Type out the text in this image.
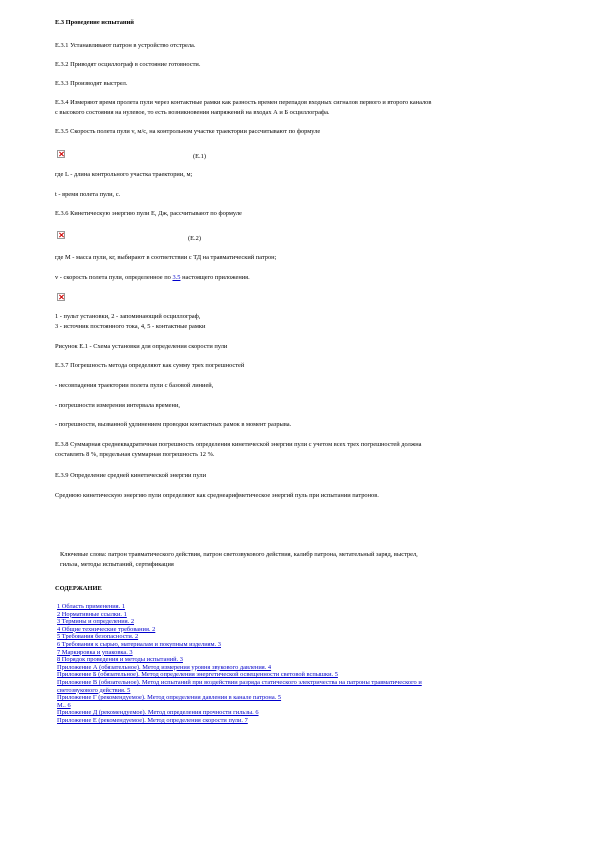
Е.3 Проведение испытаний
Е.3.1 Устанавливают патрон в устройство отстрела.
Е.3.2 Приводят осциллограф в состояние готовности.
Е.3.3 Производят выстрел.
Е.3.4 Измеряют время пролета пули через контактные рамки как разность времен перепадов входных сигналов первого и второго каналов
с высокого состояния на нулевое, то есть возникновения напряжений на входах А и Б осциллографа.
Е.3.5 Скорость полета пули v, м/с, на контрольном участке траектории рассчитывают по формуле
(Е.1)
где L - длина контрольного участка траектории, м;
t - время полета пули, с.
Е.3.6 Кинетическую энергию пули Е, Дж, рассчитывают по формуле
(Е.2)
где М - масса пули, кг, выбирают в соответствии с ТД на травматический патрон;
v - скорость полета пули, определенное по 3.5 настоящего приложения.
1 - пульт установки, 2 - запоминающий осциллограф,
3 - источник постоянного тока, 4, 5 - контактные рамки
Рисунок Е.1 - Схема установки для определения скорости пули
Е.3.7 Погрешность метода определяют как сумму трех погрешностей
- несовпадения траектории полета пули с базовой линией,
- погрешности измерения интервала времени,
- погрешности, вызванной удлинением проводки контактных рамок в момент разрыва.
Е.3.8 Суммарная среднеквадратичная погрешность определения кинетической энергии пули с учетом всех трех погрешностей должна
составлять 8 %, предельная суммарная погрешность 12 %.
Е.3.9 Определение средней кинетической энергии пули
Среднюю кинетическую энергию пули определяют как среднеарифметическое энергий пуль при испытании патронов.
Ключевые слова: патрон травматического действия, патрон светозвукового действия, калибр патрона, метательный заряд, выстрел,
гильза, методы испытаний, сертификация
СОДЕРЖАНИЕ
1 Область применения. 1
2 Нормативные ссылки. 1
3 Термины и определения. 2
4 Общие технические требования. 2
5 Требования безопасности. 2
6 Требования к сырью, материалам и покупным изделиям. 3
7 Маркировка и упаковка. 3
8 Порядок проведения и методы испытаний. 3
Приложение А (обязательное). Метод измерения уровня звукового давления. 4
Приложение Б (обязательное). Метод определения энергетической освещенности световой вспышки. 5
Приложение В (обязательное). Метод испытаний при воздействии разряда статического электричества на патроны травматического и
светозвукового действия. 5
Приложение Г (рекомендуемое). Метод определения давления в канале патрона. 5
М.. 6
Приложение Д (рекомендуемое). Метод определения прочности гильзы. 6
Приложение Е (рекомендуемое). Метод определения скорости пули. 7
